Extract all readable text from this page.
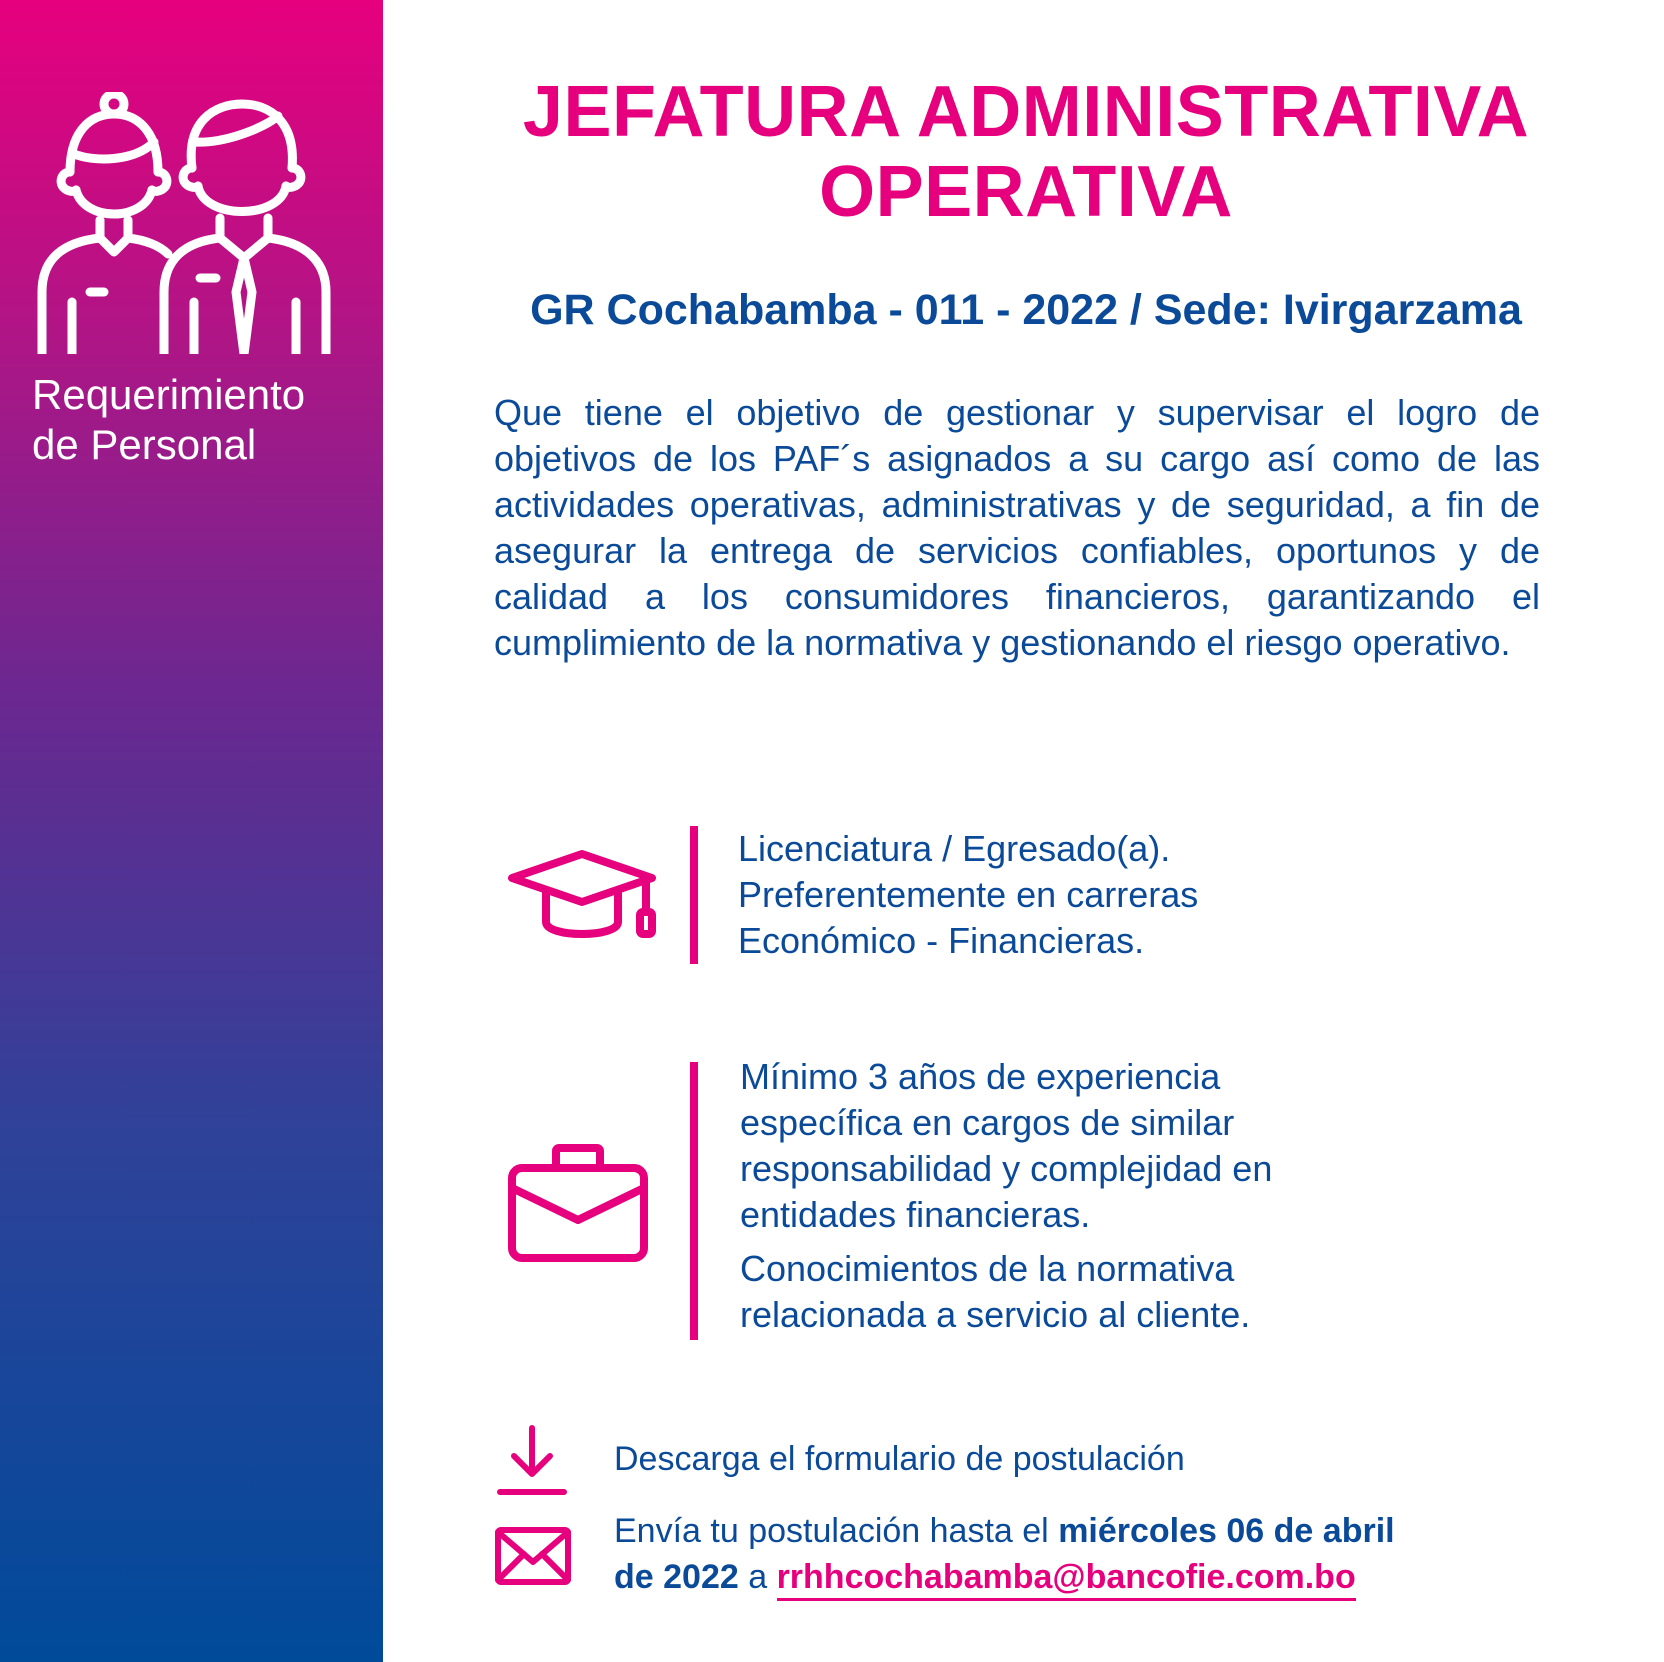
Requerimiento
de Personal
JEFATURA ADMINISTRATIVA
OPERATIVA
GR Cochabamba - 011 - 2022 / Sede: Ivirgarzama

Que tiene el objetivo de gestionar y supervisar el logro de objetivos de los PAF´s asignados a su cargo así como de las actividades operativas, administrativas y de seguridad, a fin de asegurar la entrega de servicios confiables, oportunos y de calidad a los consumidores financieros, garantizando el cumplimiento de la normativa y gestionando el riesgo operativo.

Licenciatura / Egresado(a).

Preferentemente en carreras

Económico - Financieras.

Mínimo 3 años de experiencia

específica en cargos de similar

responsabilidad y complejidad en

entidades financieras.

Conocimientos de la normativa

relacionada a servicio al cliente.

Descarga el formulario de postulación
Envía tu postulación hasta el miércoles 06 de abril
de 2022 a rrhhcochabamba@bancofie.com.bo
